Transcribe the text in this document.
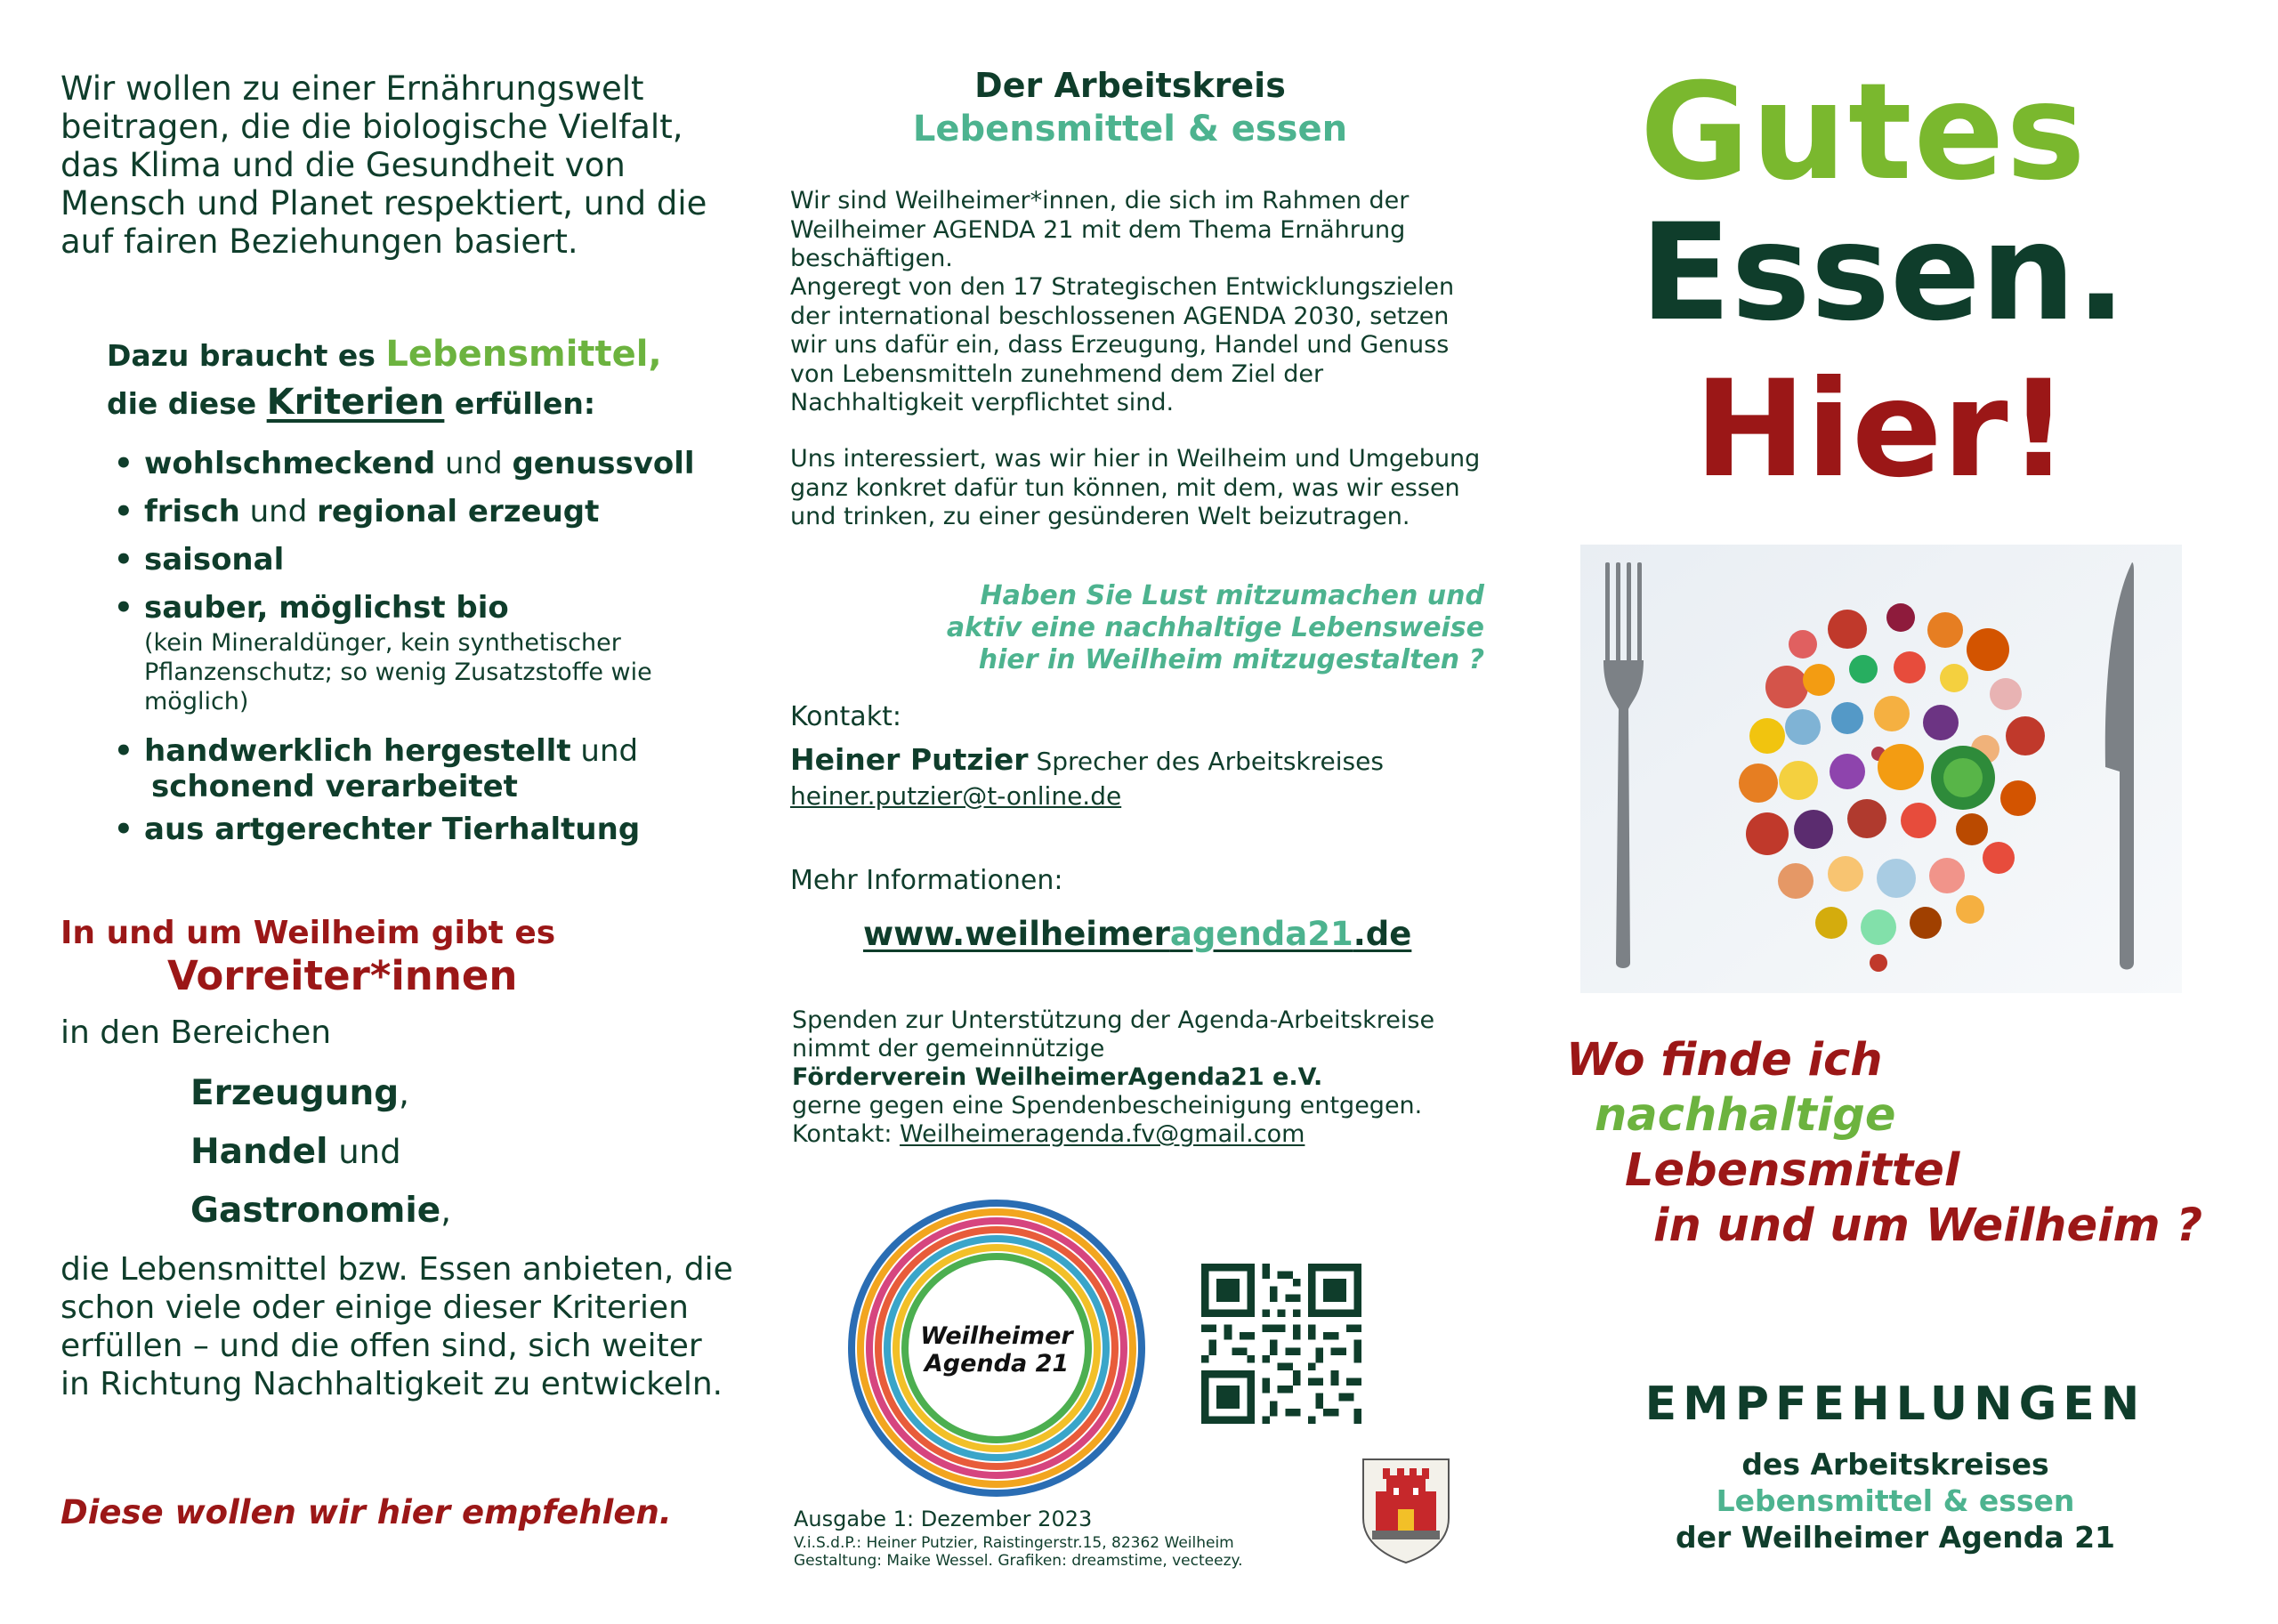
Wir wollen zu einer Ernährungswelt beitragen, die die biologische Vielfalt, das Klima und die Gesundheit von Mensch und Planet respektiert, und die auf fairen Beziehungen basiert.
Dazu braucht es Lebensmittel,
die diese Kriterien erfüllen:
• wohlschmeckend und genussvoll
• frisch und regional erzeugt
• saisonal
• sauber, möglichst bio
(kein Mineraldünger, kein synthetischer Pflanzenschutz; so wenig Zusatzstoffe wie möglich)
• handwerklich hergestellt und
schonend verarbeitet
• aus artgerechter Tierhaltung
In und um Weilheim gibt es
Vorreiter*innen
in den Bereichen
Erzeugung,
Handel und
Gastronomie,
die Lebensmittel bzw. Essen anbieten, die schon viele oder einige dieser Kriterien erfüllen – und die offen sind, sich weiter in Richtung Nachhaltigkeit zu entwickeln.
Diese wollen wir hier empfehlen.
Der Arbeitskreis
Lebensmittel & essen
Wir sind Weilheimer*innen, die sich im Rahmen der Weilheimer AGENDA 21 mit dem Thema Ernährung beschäftigen.
Angeregt von den 17 Strategischen Entwicklungszielen der international beschlossenen AGENDA 2030, setzen wir uns dafür ein, dass Erzeugung, Handel und Genuss von Lebensmitteln zunehmend dem Ziel der Nachhaltigkeit verpflichtet sind.
Uns interessiert, was wir hier in Weilheim und Umgebung ganz konkret dafür tun können, mit dem, was wir essen und trinken, zu einer gesünderen Welt beizutragen.
Haben Sie Lust mitzumachen und
aktiv eine nachhaltige Lebensweise
hier in Weilheim mitzugestalten ?
Kontakt:
Heiner Putzier Sprecher des Arbeitskreises
heiner.putzier@t-online.de
Mehr Informationen:
www.weilheimeragenda21.de
Spenden zur Unterstützung der Agenda-Arbeitskreise
nimmt der gemeinnützige
Förderverein WeilheimerAgenda21 e.V.
gerne gegen eine Spendenbescheinigung entgegen.
Kontakt: Weilheimeragenda.fv@gmail.com
Weilheimer
Agenda 21
Ausgabe 1: Dezember 2023
V.i.S.d.P.: Heiner Putzier, Raistingerstr.15, 82362 Weilheim
Gestaltung: Maike Wessel. Grafiken: dreamstime, vecteezy.
Gutes
Essen.
Hier!
Wo finde ich
nachhaltige
Lebensmittel
in und um Weilheim ?
EMPFEHLUNGEN
des Arbeitskreises
Lebensmittel & essen
der Weilheimer Agenda 21
